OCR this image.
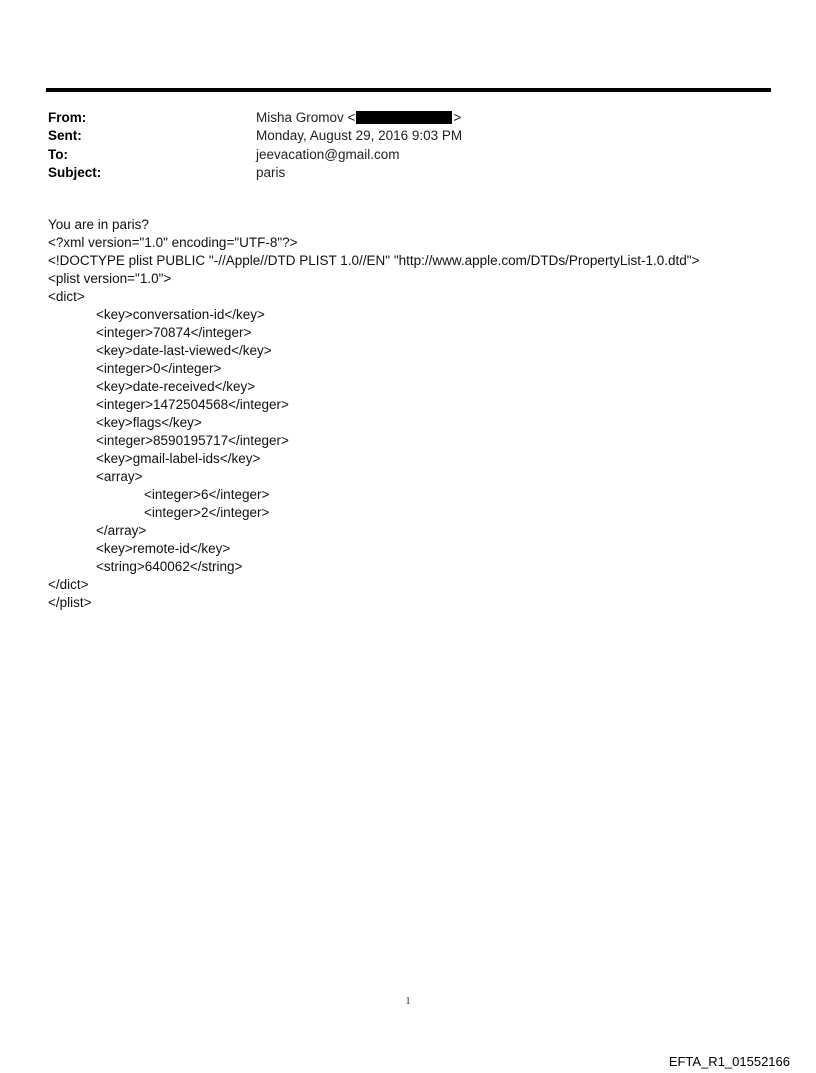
From:	Misha Gromov <	>
Sent:	Monday, August 29, 2016 9:03 PM
To:	jeevacation@gmail.com
Subject:	paris
You are in paris?
<?xml version="1.0" encoding="UTF-8"?>
<!DOCTYPE plist PUBLIC "-//Apple//DTD PLIST 1.0//EN" "http://www.apple.com/DTDs/PropertyList-1.0.dtd">
<plist version="1.0">
<dict>
<key>conversation-id</key>
<integer>70874</integer>
<key>date-last-viewed</key>
<integer>0</integer>
<key>date-received</key>
<integer>1472504568</integer>
<key>flags</key>
<integer>8590195717</integer>
<key>gmail-label-ids</key>
<array>
<integer>6</integer>
<integer>2</integer>
</array>
<key>remote-id</key>
<string>640062</string>
</dict>
</plist>
1
EFTA_R1_01552166
